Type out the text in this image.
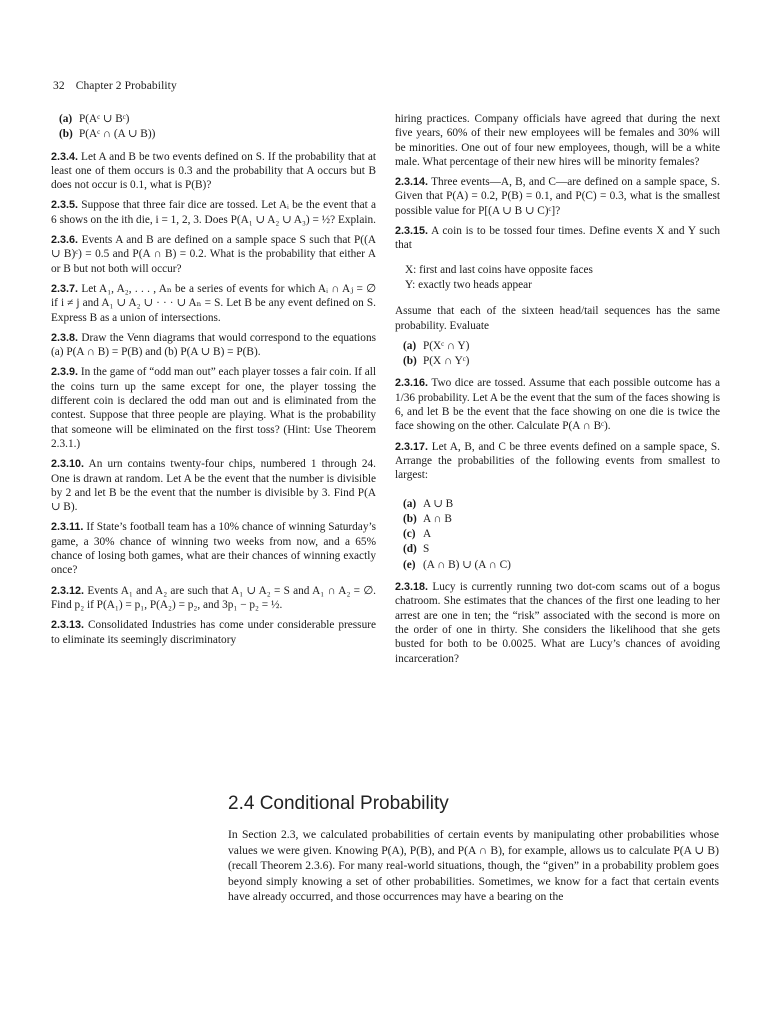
32 Chapter 2 Probability
(a) P(Aᶜ ∪ Bᶜ)
(b) P(Aᶜ ∩ (A ∪ B))

2.3.4. Let A and B be two events defined on S. If the probability that at least one of them occurs is 0.3 and the probability that A occurs but B does not occur is 0.1, what is P(B)?

2.3.5. Suppose that three fair dice are tossed. Let Aᵢ be the event that a 6 shows on the ith die, i = 1, 2, 3. Does P(A₁ ∪ A₂ ∪ A₃) = ½? Explain.

2.3.6. Events A and B are defined on a sample space S such that P((A ∪ B)ᶜ) = 0.5 and P(A ∩ B) = 0.2. What is the probability that either A or B but not both will occur?

2.3.7. Let A₁, A₂, . . . , Aₙ be a series of events for which Aᵢ ∩ Aⱼ = ∅ if i ≠ j and A₁ ∪ A₂ ∪ · · · ∪ Aₙ = S. Let B be any event defined on S. Express B as a union of intersections.

2.3.8. Draw the Venn diagrams that would correspond to the equations (a) P(A ∩ B) = P(B) and (b) P(A ∪ B) = P(B).

2.3.9. In the game of “odd man out” each player tosses a fair coin. If all the coins turn up the same except for one, the player tossing the different coin is declared the odd man out and is eliminated from the contest. Suppose that three people are playing. What is the probability that someone will be eliminated on the first toss? (Hint: Use Theorem 2.3.1.)

2.3.10. An urn contains twenty-four chips, numbered 1 through 24. One is drawn at random. Let A be the event that the number is divisible by 2 and let B be the event that the number is divisible by 3. Find P(A ∪ B).

2.3.11. If State’s football team has a 10% chance of winning Saturday’s game, a 30% chance of winning two weeks from now, and a 65% chance of losing both games, what are their chances of winning exactly once?

2.3.12. Events A₁ and A₂ are such that A₁ ∪ A₂ = S and A₁ ∩ A₂ = ∅. Find p₂ if P(A₁) = p₁, P(A₂) = p₂, and 3p₁ − p₂ = ½.

2.3.13. Consolidated Industries has come under considerable pressure to eliminate its seemingly discriminatory

hiring practices. Company officials have agreed that during the next five years, 60% of their new employees will be females and 30% will be minorities. One out of four new employees, though, will be a white male. What percentage of their new hires will be minority females?

2.3.14. Three events—A, B, and C—are defined on a sample space, S. Given that P(A) = 0.2, P(B) = 0.1, and P(C) = 0.3, what is the smallest possible value for P[(A ∪ B ∪ C)ᶜ]?

2.3.15. A coin is to be tossed four times. Define events X and Y such that

X: first and last coins have opposite faces
Y: exactly two heads appear

Assume that each of the sixteen head/tail sequences has the same probability. Evaluate

(a) P(Xᶜ ∩ Y)
(b) P(X ∩ Yᶜ)

2.3.16. Two dice are tossed. Assume that each possible outcome has a 1/36 probability. Let A be the event that the sum of the faces showing is 6, and let B be the event that the face showing on one die is twice the face showing on the other. Calculate P(A ∩ Bᶜ).

2.3.17. Let A, B, and C be three events defined on a sample space, S. Arrange the probabilities of the following events from smallest to largest:

(a) A ∪ B
(b) A ∩ B
(c) A
(d) S
(e) (A ∩ B) ∪ (A ∩ C)

2.3.18. Lucy is currently running two dot-com scams out of a bogus chatroom. She estimates that the chances of the first one leading to her arrest are one in ten; the “risk” associated with the second is more on the order of one in thirty. She considers the likelihood that she gets busted for both to be 0.0025. What are Lucy’s chances of avoiding incarceration?

2.4 Conditional Probability
In Section 2.3, we calculated probabilities of certain events by manipulating other probabilities whose values we were given. Knowing P(A), P(B), and P(A ∩ B), for example, allows us to calculate P(A ∪ B) (recall Theorem 2.3.6). For many real-world situations, though, the “given” in a probability problem goes beyond simply knowing a set of other probabilities. Sometimes, we know for a fact that certain events have already occurred, and those occurrences may have a bearing on the
